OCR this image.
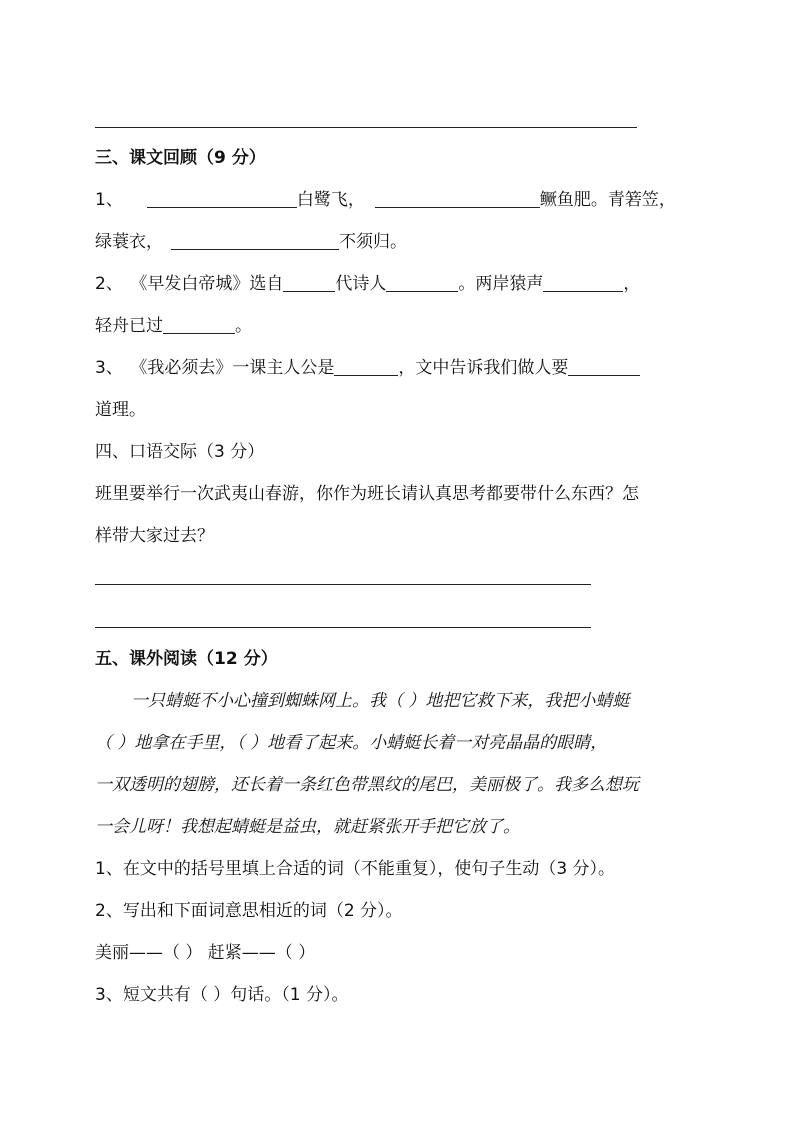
三、课文回顾（9 分）
1、	白鹭飞，	鳜鱼肥。青箬笠，
绿蓑衣，	不须归。
2、 《早发白帝城》选自	代诗人	。两岸猿声	，
轻舟已过	。
3、 《我必须去》一课主人公是	，文中告诉我们做人要
道理。
四、口语交际（3 分）
班里要举行一次武夷山春游，你作为班长请认真思考都要带什么东西？怎
样带大家过去？
五、课外阅读（12 分）
一只蜻蜓不小心撞到蜘蛛网上。我（ ）地把它救下来，我把小蜻蜓
（ ）地拿在手里，（ ）地看了起来。小蜻蜓长着一对亮晶晶的眼睛，
一双透明的翅膀，还长着一条红色带黑纹的尾巴，美丽极了。我多么想玩
一会儿呀！我想起蜻蜓是益虫，就赶紧张开手把它放了。
1、在文中的括号里填上合适的词（不能重复），使句子生动（3 分）。
2、写出和下面词意思相近的词（2 分）。
美丽——（ ） 赶紧——（ ）
3、短文共有（ ）句话。（1 分）。
